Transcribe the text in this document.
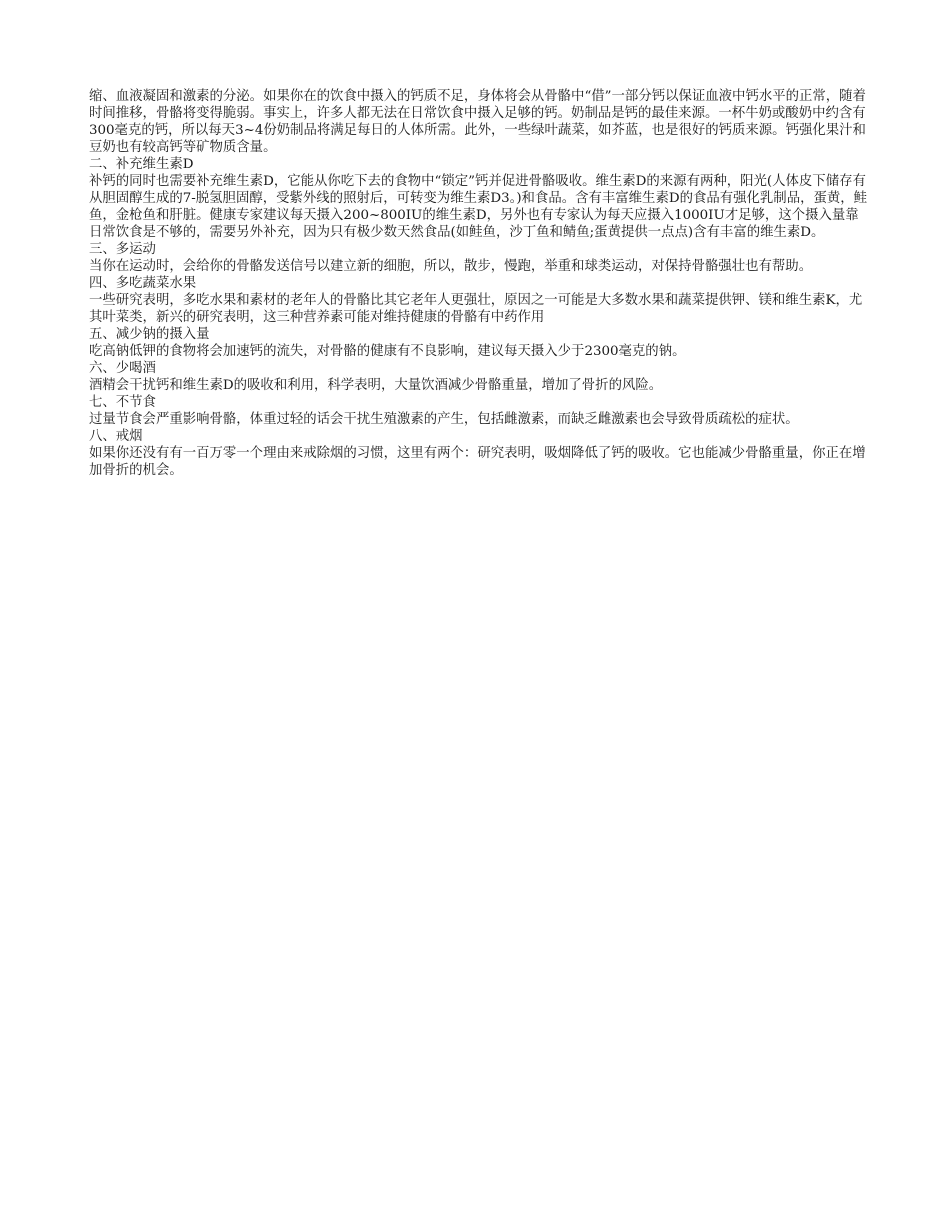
缩、血液凝固和激素的分泌。如果你在的饮食中摄入的钙质不足，身体将会从骨骼中“借”一部分钙以保证血液中钙水平的正常，随着时间推移，骨骼将变得脆弱。事实上，许多人都无法在日常饮食中摄入足够的钙。奶制品是钙的最佳来源。一杯牛奶或酸奶中约含有300毫克的钙，所以每天3~4份奶制品将满足每日的人体所需。此外，一些绿叶蔬菜，如芥蓝，也是很好的钙质来源。钙强化果汁和豆奶也有较高钙等矿物质含量。

二、补充维生素D

补钙的同时也需要补充维生素D，它能从你吃下去的食物中“锁定”钙并促进骨骼吸收。维生素D的来源有两种，阳光(人体皮下储存有从胆固醇生成的7-脱氢胆固醇，受紫外线的照射后，可转变为维生素D3。)和食品。含有丰富维生素D的食品有强化乳制品，蛋黄，鲑鱼，金枪鱼和肝脏。健康专家建议每天摄入200~800IU的维生素D，另外也有专家认为每天应摄入1000IU才足够，这个摄入量靠日常饮食是不够的，需要另外补充，因为只有极少数天然食品(如鲑鱼，沙丁鱼和鲭鱼;蛋黄提供一点点)含有丰富的维生素D。

三、多运动

当你在运动时，会给你的骨骼发送信号以建立新的细胞，所以，散步，慢跑，举重和球类运动，对保持骨骼强壮也有帮助。

四、多吃蔬菜水果

一些研究表明，多吃水果和素材的老年人的骨骼比其它老年人更强壮，原因之一可能是大多数水果和蔬菜提供钾、镁和维生素K，尤其叶菜类，新兴的研究表明，这三种营养素可能对维持健康的骨骼有中药作用

五、减少钠的摄入量

吃高钠低钾的食物将会加速钙的流失，对骨骼的健康有不良影响，建议每天摄入少于2300毫克的钠。

六、少喝酒

酒精会干扰钙和维生素D的吸收和利用，科学表明，大量饮酒减少骨骼重量，增加了骨折的风险。

七、不节食

过量节食会严重影响骨骼，体重过轻的话会干扰生殖激素的产生，包括雌激素，而缺乏雌激素也会导致骨质疏松的症状。

八、戒烟

如果你还没有有一百万零一个理由来戒除烟的习惯，这里有两个：研究表明，吸烟降低了钙的吸收。它也能减少骨骼重量，你正在增加骨折的机会。
